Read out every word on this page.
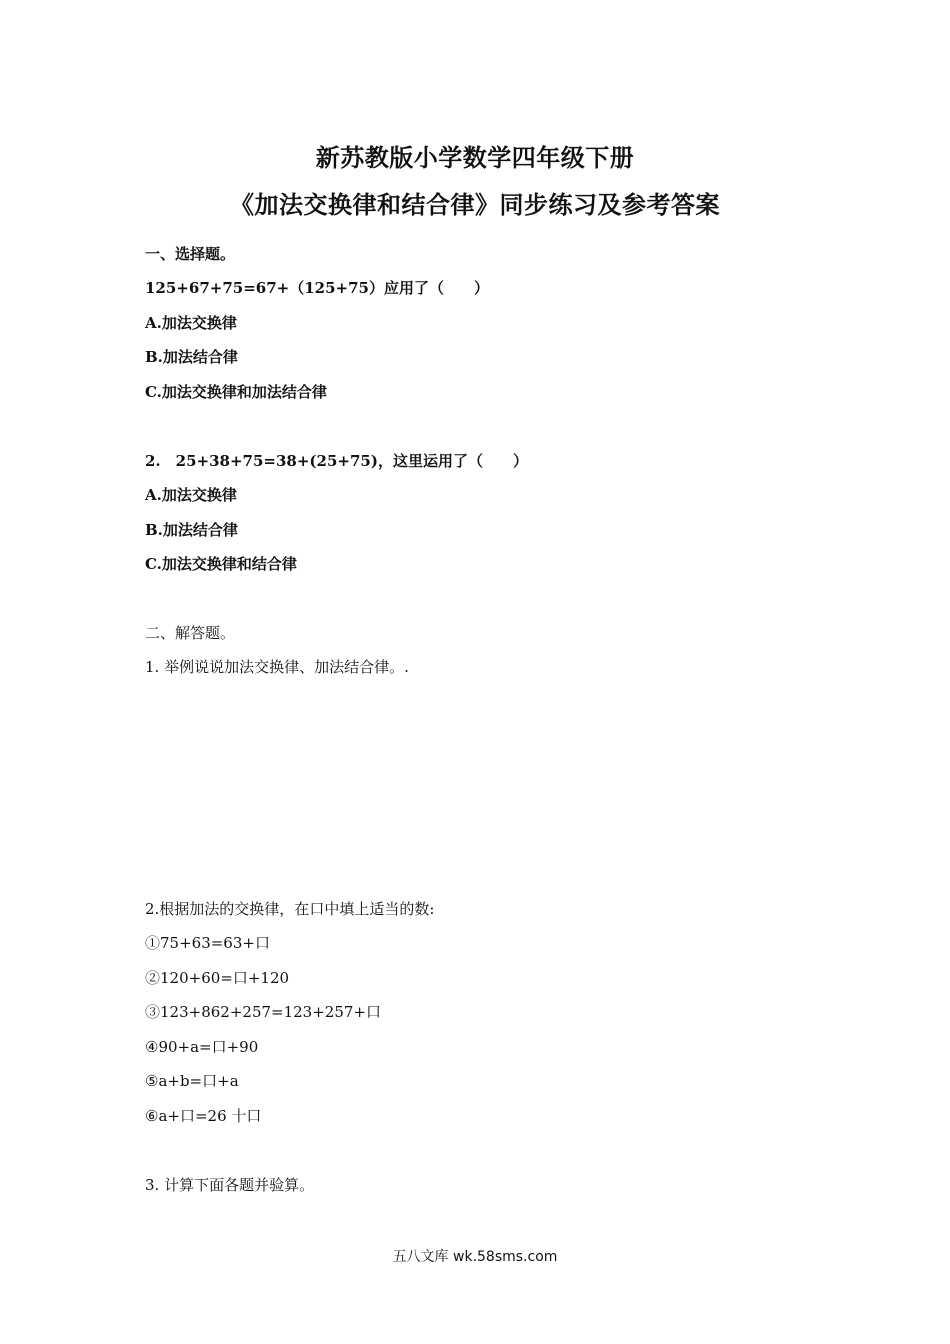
新苏教版小学数学四年级下册
《加法交换律和结合律》同步练习及参考答案
一、选择题。
125+67+75=67+（125+75）应用了（　　）
A.加法交换律
B.加法结合律
C.加法交换律和加法结合律
2.　25+38+75=38+(25+75)，这里运用了（　　）
A.加法交换律
B.加法结合律
C.加法交换律和结合律
二、解答题。
1. 举例说说加法交换律、加法结合律。.
2.根据加法的交换律，在口中填上适当的数:
①75+63=63+口
②120+60=口+120
③123+862+257=123+257+口
④90+a=口+90
⑤a+b=口+a
⑥a+口=26 十口
3. 计算下面各题并验算。
五八文库 wk.58sms.com
